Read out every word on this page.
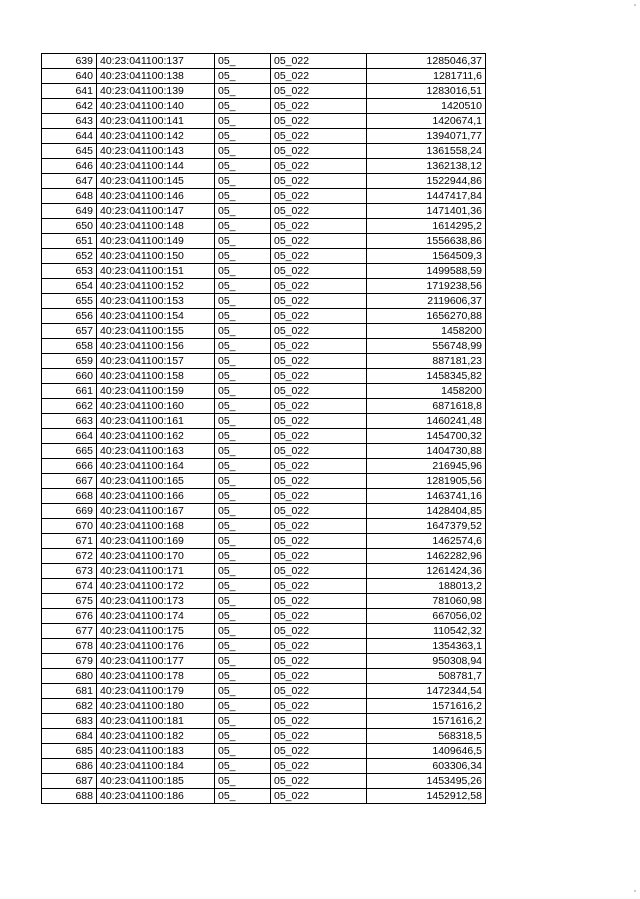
639	40:23:041100:137	05_	05_022	1285046,37
640	40:23:041100:138	05_	05_022	1281711,6
641	40:23:041100:139	05_	05_022	1283016,51
642	40:23:041100:140	05_	05_022	1420510
643	40:23:041100:141	05_	05_022	1420674,1
644	40:23:041100:142	05_	05_022	1394071,77
645	40:23:041100:143	05_	05_022	1361558,24
646	40:23:041100:144	05_	05_022	1362138,12
647	40:23:041100:145	05_	05_022	1522944,86
648	40:23:041100:146	05_	05_022	1447417,84
649	40:23:041100:147	05_	05_022	1471401,36
650	40:23:041100:148	05_	05_022	1614295,2
651	40:23:041100:149	05_	05_022	1556638,86
652	40:23:041100:150	05_	05_022	1564509,3
653	40:23:041100:151	05_	05_022	1499588,59
654	40:23:041100:152	05_	05_022	1719238,56
655	40:23:041100:153	05_	05_022	2119606,37
656	40:23:041100:154	05_	05_022	1656270,88
657	40:23:041100:155	05_	05_022	1458200
658	40:23:041100:156	05_	05_022	556748,99
659	40:23:041100:157	05_	05_022	887181,23
660	40:23:041100:158	05_	05_022	1458345,82
661	40:23:041100:159	05_	05_022	1458200
662	40:23:041100:160	05_	05_022	6871618,8
663	40:23:041100:161	05_	05_022	1460241,48
664	40:23:041100:162	05_	05_022	1454700,32
665	40:23:041100:163	05_	05_022	1404730,88
666	40:23:041100:164	05_	05_022	216945,96
667	40:23:041100:165	05_	05_022	1281905,56
668	40:23:041100:166	05_	05_022	1463741,16
669	40:23:041100:167	05_	05_022	1428404,85
670	40:23:041100:168	05_	05_022	1647379,52
671	40:23:041100:169	05_	05_022	1462574,6
672	40:23:041100:170	05_	05_022	1462282,96
673	40:23:041100:171	05_	05_022	1261424,36
674	40:23:041100:172	05_	05_022	188013,2
675	40:23:041100:173	05_	05_022	781060,98
676	40:23:041100:174	05_	05_022	667056,02
677	40:23:041100:175	05_	05_022	110542,32
678	40:23:041100:176	05_	05_022	1354363,1
679	40:23:041100:177	05_	05_022	950308,94
680	40:23:041100:178	05_	05_022	508781,7
681	40:23:041100:179	05_	05_022	1472344,54
682	40:23:041100:180	05_	05_022	1571616,2
683	40:23:041100:181	05_	05_022	1571616,2
684	40:23:041100:182	05_	05_022	568318,5
685	40:23:041100:183	05_	05_022	1409646,5
686	40:23:041100:184	05_	05_022	603306,34
687	40:23:041100:185	05_	05_022	1453495,26
688	40:23:041100:186	05_	05_022	1452912,58
